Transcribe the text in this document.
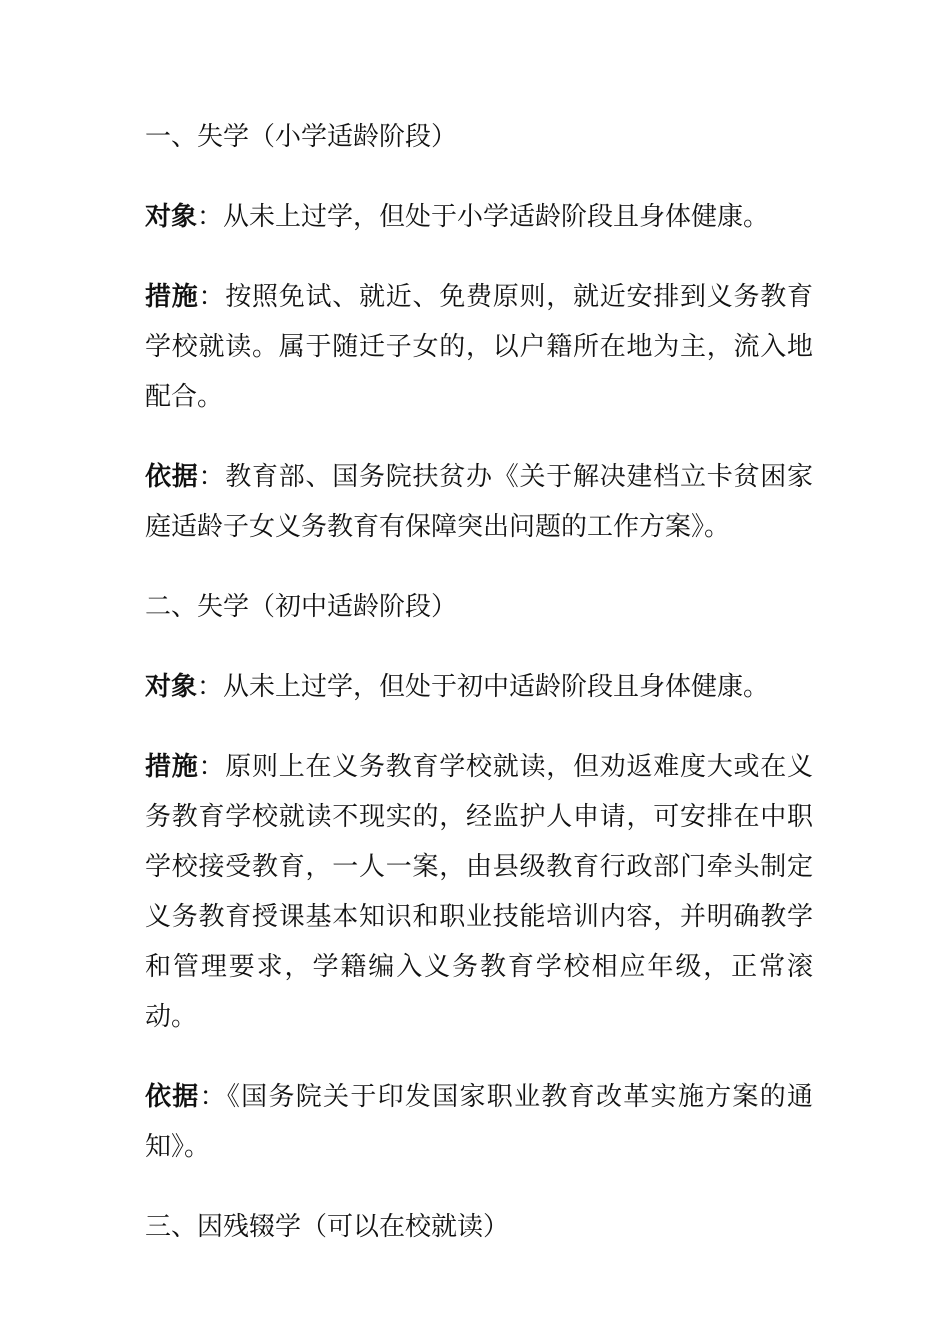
一、失学（小学适龄阶段）

对象：从未上过学，但处于小学适龄阶段且身体健康。

措施：按照免试、就近、免费原则，就近安排到义务教育学校就读。属于随迁子女的，以户籍所在地为主，流入地配合。

依据：教育部、国务院扶贫办《关于解决建档立卡贫困家庭适龄子女义务教育有保障突出问题的工作方案》。

二、失学（初中适龄阶段）

对象：从未上过学，但处于初中适龄阶段且身体健康。

措施：原则上在义务教育学校就读，但劝返难度大或在义务教育学校就读不现实的，经监护人申请，可安排在中职学校接受教育，一人一案，由县级教育行政部门牵头制定义务教育授课基本知识和职业技能培训内容，并明确教学和管理要求，学籍编入义务教育学校相应年级，正常滚动。

依据：《国务院关于印发国家职业教育改革实施方案的通知》。

三、因残辍学（可以在校就读）
